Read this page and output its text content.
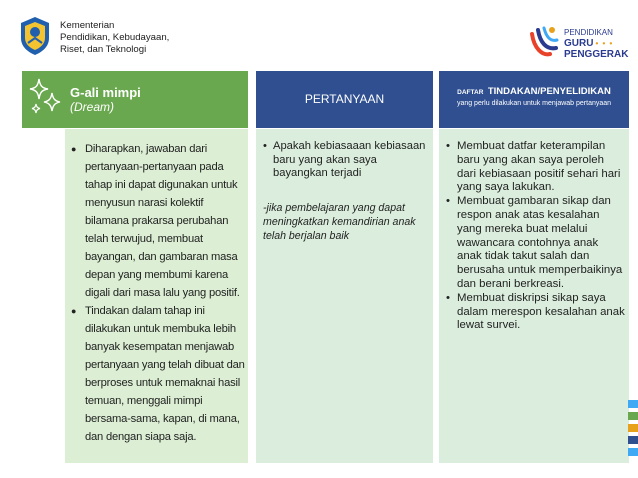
Kementerian
Pendidikan, Kebudayaan,
Riset, dan Teknologi
PENDIDIKAN
GURU • • •
PENGGERAK
G-ali mimpi
(Dream)
PERTANYAAN	DAFTAR TINDAKAN/PENYELIDIKAN
yang perlu dilakukan untuk menjawab pertanyaan
● Diharapkan, jawaban dari pertanyaan-pertanyaan pada tahap ini dapat digunakan untuk menyusun narasi kolektif bilamana prakarsa perubahan telah terwujud, membuat bayangan, dan gambaran masa depan yang membumi karena digali dari masa lalu yang positif.
● Tindakan dalam tahap ini dilakukan untuk membuka lebih banyak kesempatan menjawab pertanyaan yang telah dibuat dan berproses untuk memaknai hasil temuan, menggali mimpi bersama-sama, kapan, di mana, dan dengan siapa saja.
• Apakah kebiasaaan kebiasaan baru yang akan saya bayangkan terjadi
-jika pembelajaran yang dapat meningkatkan kemandirian anak telah berjalan baik
• Membuat datfar keterampilan baru yang akan saya peroleh dari kebiasaan positif sehari hari yang saya lakukan.
• Membuat gambaran sikap dan respon anak atas kesalahan yang mereka buat melalui wawancara contohnya anak anak tidak takut salah dan berusaha untuk memperbaikinya dan berani berkreasi.
• Membuat diskripsi sikap saya dalam merespon kesalahan anak lewat survei.
